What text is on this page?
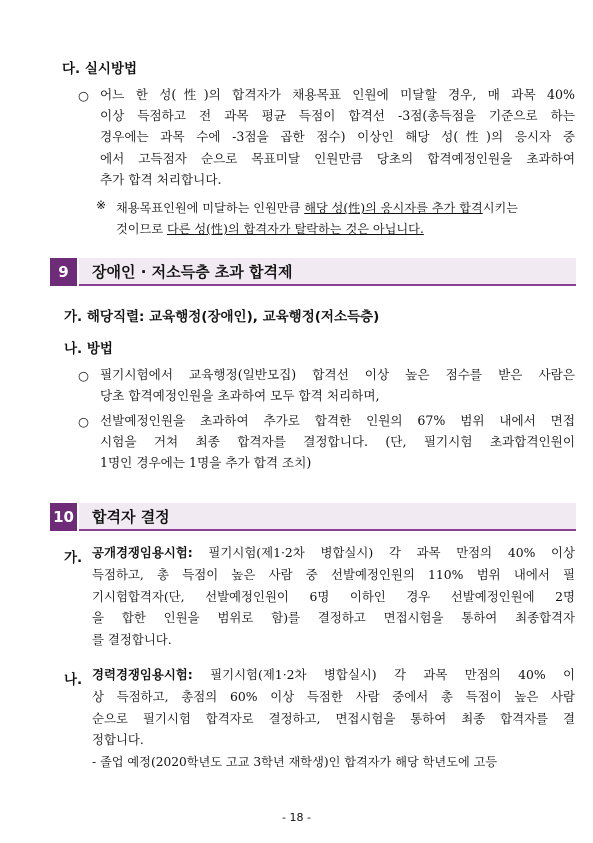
다. 실시방법
○ 어느 한 성(性)의 합격자가 채용목표 인원에 미달할 경우, 매 과목 40%
이상 득점하고 전 과목 평균 득점이 합격선 -3점(총득점을 기준으로 하는
경우에는 과목 수에 -3점을 곱한 점수) 이상인 해당 성(性)의 응시자 중
에서 고득점자 순으로 목표미달 인원만큼 당초의 합격예정인원을 초과하여
추가 합격 처리합니다.
※ 채용목표인원에 미달하는 인원만큼 해당 성(性)의 응시자를 추가 합격시키는
것이므로 다른 성(性)의 합격자가 탈락하는 것은 아닙니다.
9	장애인 · 저소득층 초과 합격제
가. 해당직렬: 교육행정(장애인), 교육행정(저소득층)
나. 방법
○ 필기시험에서 교육행정(일반모집) 합격선 이상 높은 점수를 받은 사람은
당초 합격예정인원을 초과하여 모두 합격 처리하며,
○ 선발예정인원을 초과하여 추가로 합격한 인원의 67% 범위 내에서 면접
시험을 거쳐 최종 합격자를 결정합니다. (단, 필기시험 초과합격인원이
1명인 경우에는 1명을 추가 합격 조치)
10 합격자 결정
가. 공개경쟁임용시험: 필기시험(제1·2차 병합실시) 각 과목 만점의 40% 이상
득점하고, 총 득점이 높은 사람 중 선발예정인원의 110% 범위 내에서 필
기시험합격자(단, 선발예정인원이 6명 이하인 경우 선발예정인원에 2명
을 합한 인원을 범위로 함)를 결정하고 면접시험을 통하여 최종합격자
를 결정합니다.
나. 경력경쟁임용시험: 필기시험(제1·2차 병합실시) 각 과목 만점의 40% 이
상 득점하고, 총점의 60% 이상 득점한 사람 중에서 총 득점이 높은 사람
순으로 필기시험 합격자로 결정하고, 면접시험을 통하여 최종 합격자를 결
정합니다.
- 졸업 예정(2020학년도 고교 3학년 재학생)인 합격자가 해당 학년도에 고등
- 18 -
